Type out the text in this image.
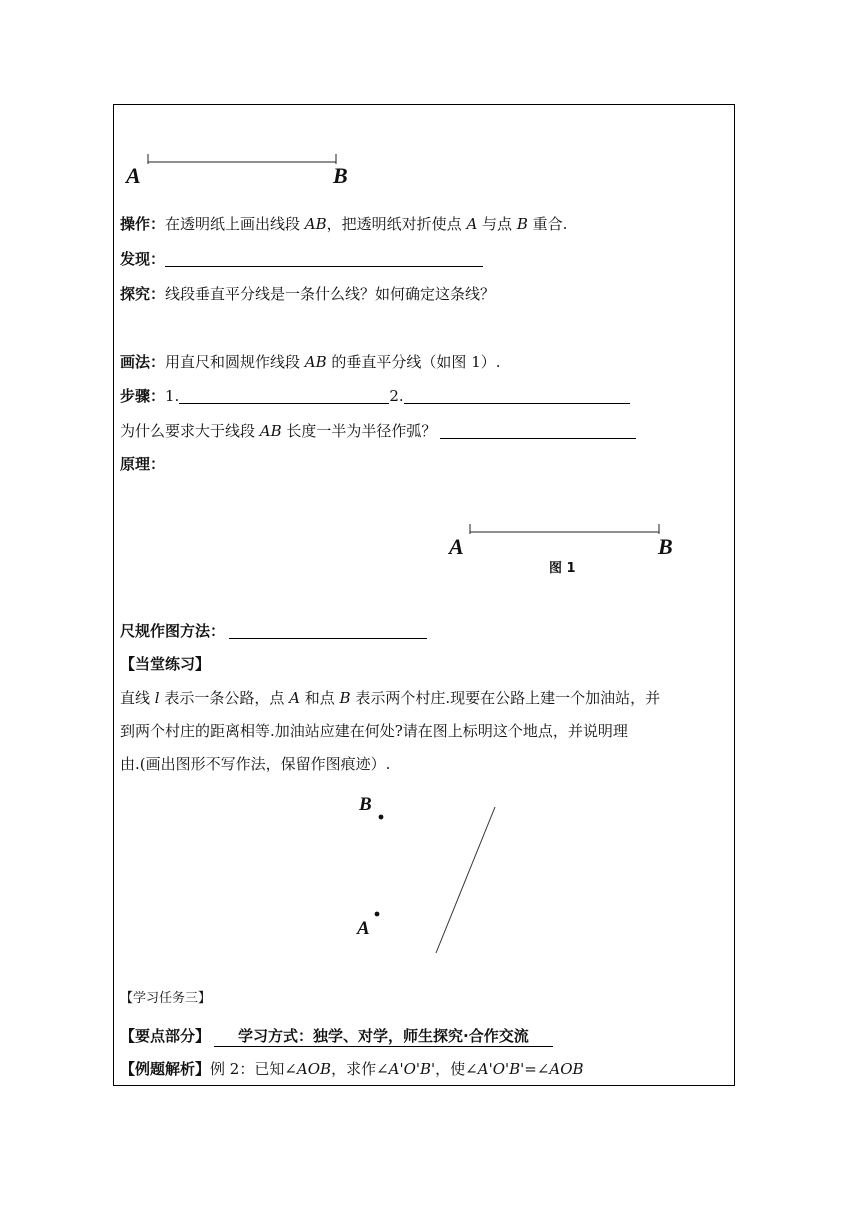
A	B
操作：在透明纸上画出线段 AB，把透明纸对折使点 A 与点 B 重合.
发现：
探究：线段垂直平分线是一条什么线？如何确定这条线？
画法：用直尺和圆规作线段 AB 的垂直平分线（如图 1）.
步骤：1.	2.
为什么要求大于线段 AB 长度一半为半径作弧？
原理：
A	B
图 1
尺规作图方法：
【当堂练习】
直线 l 表示一条公路，点 A 和点 B 表示两个村庄.现要在公路上建一个加油站，并
到两个村庄的距离相等.加油站应建在何处?请在图上标明这个地点，并说明理
由.(画出图形不写作法，保留作图痕迹）.
B
A
【学习任务三】
【要点部分】 学习方式：独学、对学，师生探究·合作交流
【例题解析】例 2：已知∠AOB，求作∠A'O'B'，使∠A'O'B'=∠AOB
